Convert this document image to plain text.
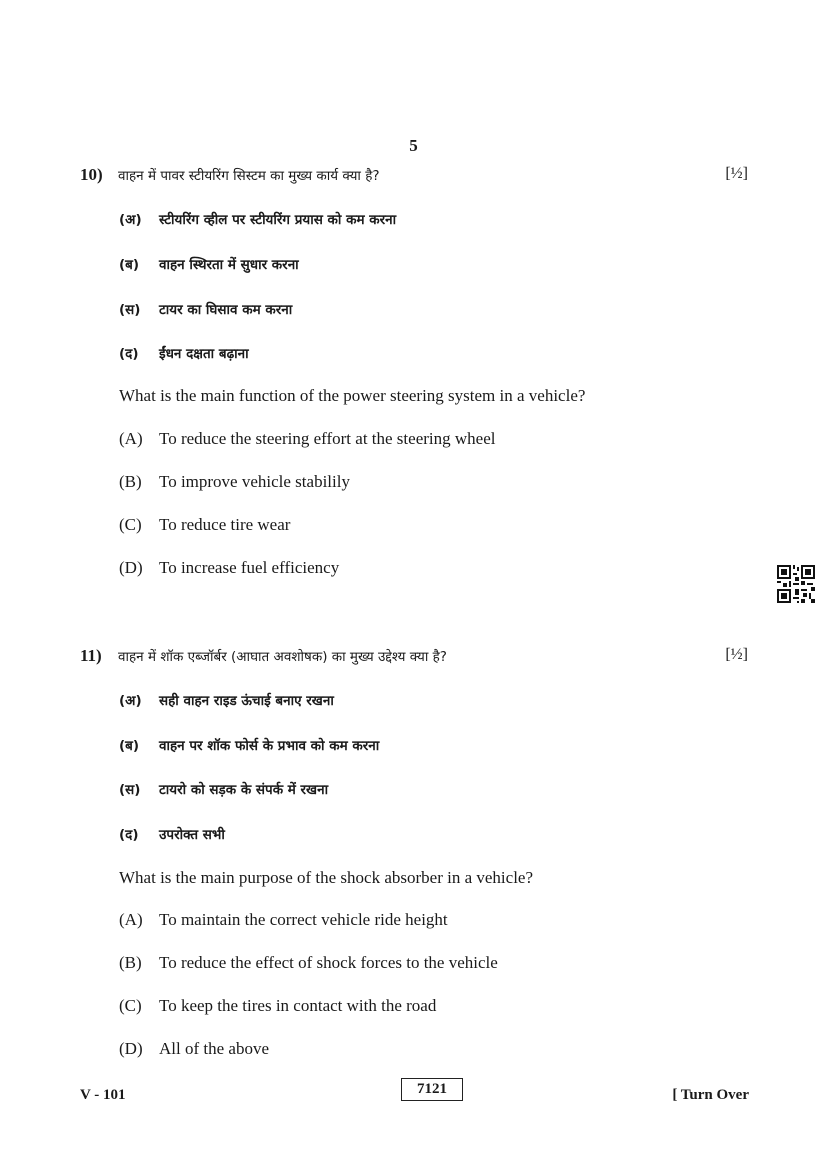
5
10) वाहन में पावर स्टीयरिंग सिस्टम का मुख्य कार्य क्या है?	[½]
(अ) स्टीयरिंग व्हील पर स्टीयरिंग प्रयास को कम करना
(ब) वाहन स्थिरता में सुधार करना
(स) टायर का घिसाव कम करना
(द) ईंधन दक्षता बढ़ाना
What is the main function of the power steering system in a vehicle?
(A) To reduce the steering effort at the steering wheel
(B) To improve vehicle stabilily
(C) To reduce tire wear
(D) To increase fuel efficiency
11) वाहन में शॉक एब्जॉर्बर (आघात अवशोषक) का मुख्य उद्देश्य क्या है?	[½]
(अ) सही वाहन राइड ऊंचाई बनाए रखना
(ब) वाहन पर शॉक फोर्स के प्रभाव को कम करना
(स) टायरो को सड़क के संपर्क में रखना
(द) उपरोक्त सभी
What is the main purpose of the shock absorber in a vehicle?
(A) To maintain the correct vehicle ride height
(B) To reduce the effect of shock forces to the vehicle
(C) To keep the tires in contact with the road
(D) All of the above
V - 101	7121	[ Turn Over
